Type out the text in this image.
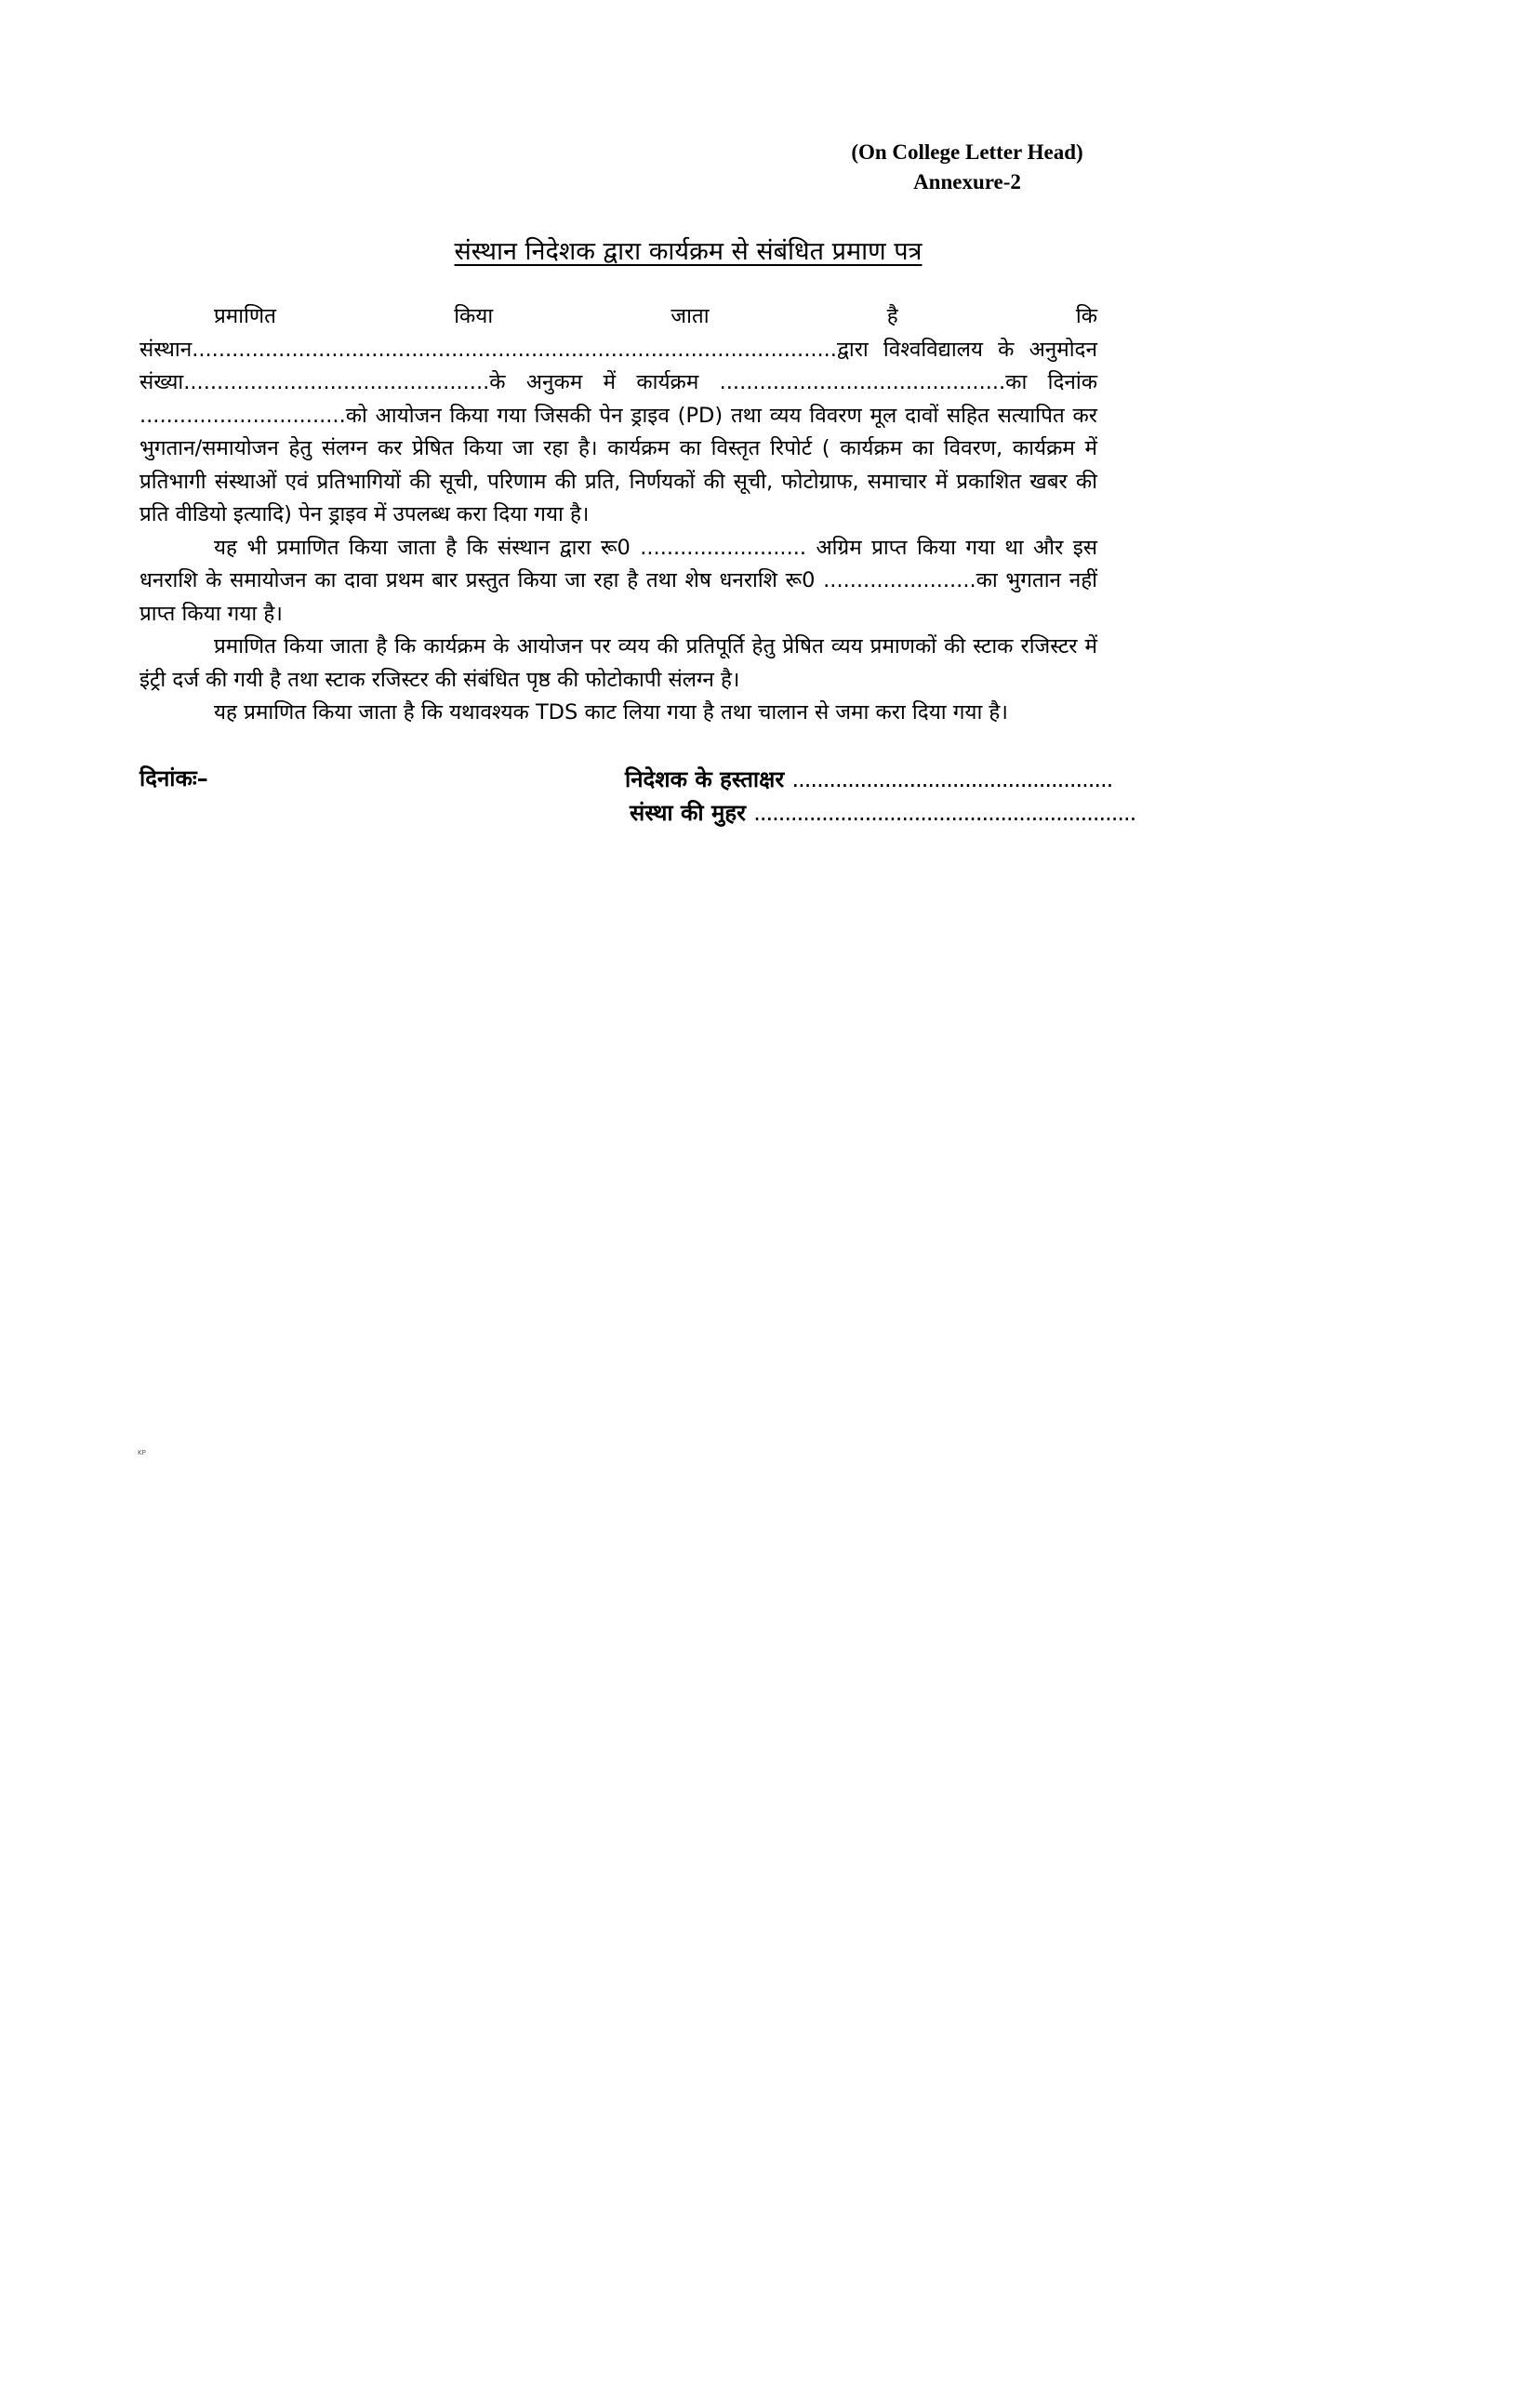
(On College Letter Head)
Annexure-2
संस्थान निदेशक द्वारा कार्यक्रम से संबंधित प्रमाण पत्र

प्रमाणित किया जाता है कि संस्थान.................................................................................................द्वारा विश्वविद्यालय के अनुमोदन संख्या..............................................के अनुकम में कार्यक्रम ...........................................का दिनांक ...............................को आयोजन किया गया जिसकी पेन ड्राइव (PD) तथा व्यय विवरण मूल दावों सहित सत्यापित कर भुगतान/समायोजन हेतु संलग्न कर प्रेषित किया जा रहा है। कार्यक्रम का विस्तृत रिपोर्ट ( कार्यक्रम का विवरण, कार्यक्रम में प्रतिभागी संस्थाओं एवं प्रतिभागियों की सूची, परिणाम की प्रति, निर्णयकों की सूची, फोटोग्राफ, समाचार में प्रकाशित खबर की प्रति वीडियो इत्यादि) पेन ड्राइव में उपलब्ध करा दिया गया है।

यह भी प्रमाणित किया जाता है कि संस्थान द्वारा रू0 ......................... अग्रिम प्राप्त किया गया था और इस धनराशि के समायोजन का दावा प्रथम बार प्रस्तुत किया जा रहा है तथा शेष धनराशि रू0 .......................का भुगतान नहीं प्राप्त किया गया है।

प्रमाणित किया जाता है कि कार्यक्रम के आयोजन पर व्यय की प्रतिपूर्ति हेतु प्रेषित व्यय प्रमाणकों की स्टाक रजिस्टर में इंट्री दर्ज की गयी है तथा स्टाक रजिस्टर की संबंधित पृष्ठ की फोटोकापी संलग्न है।

यह प्रमाणित किया जाता है कि यथावश्यक TDS काट लिया गया है तथा चालान से जमा करा दिया गया है।

दिनांकः–	निदेशक के हस्ताक्षर ....................................................
संस्था की मुहर ..............................................................
KP
